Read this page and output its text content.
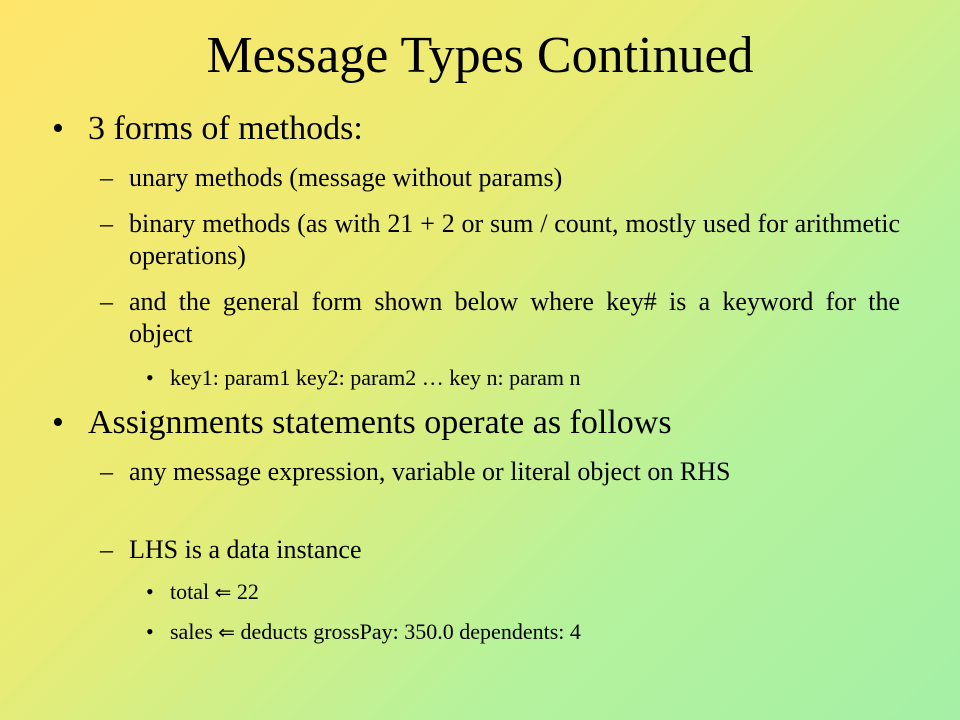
Message Types Continued
• 3 forms of methods:
– unary methods (message without params)
– binary methods (as with 21 + 2 or sum / count, mostly used for arithmetic operations)
– and the general form shown below where key# is a keyword for the object
• key1: param1 key2: param2 … key n: param n
• Assignments statements operate as follows
– any message expression, variable or literal object on RHS
– LHS is a data instance
• total ⇐ 22
• sales ⇐ deducts grossPay: 350.0 dependents: 4
